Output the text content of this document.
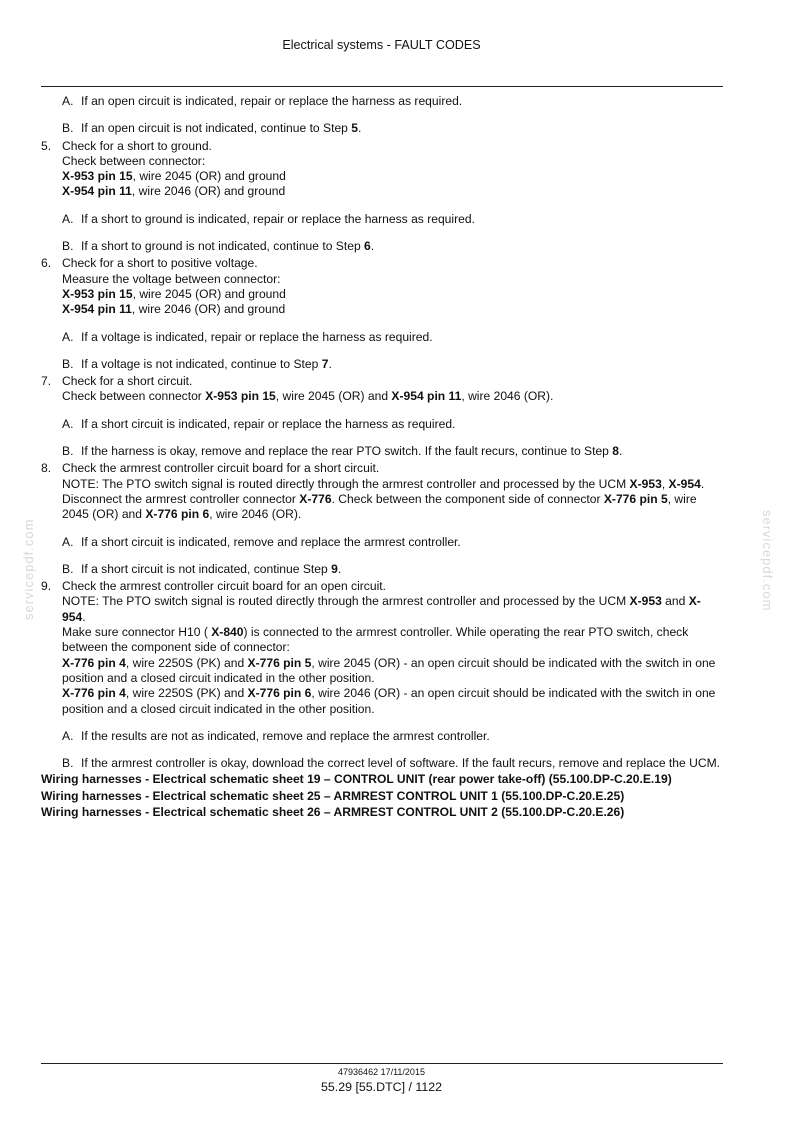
Electrical systems - FAULT CODES
servicepdf.com	servicepdf.com
A. If an open circuit is indicated, repair or replace the harness as required.

B. If an open circuit is not indicated, continue to Step 5.

5. Check for a short to ground.

Check between connector:

X-953 pin 15, wire 2045 (OR) and ground

X-954 pin 11, wire 2046 (OR) and ground

A. If a short to ground is indicated, repair or replace the harness as required.

B. If a short to ground is not indicated, continue to Step 6.

6. Check for a short to positive voltage.

Measure the voltage between connector:

X-953 pin 15, wire 2045 (OR) and ground

X-954 pin 11, wire 2046 (OR) and ground

A. If a voltage is indicated, repair or replace the harness as required.

B. If a voltage is not indicated, continue to Step 7.

7. Check for a short circuit.

Check between connector X-953 pin 15, wire 2045 (OR) and X-954 pin 11, wire 2046 (OR).

A. If a short circuit is indicated, repair or replace the harness as required.

B. If the harness is okay, remove and replace the rear PTO switch. If the fault recurs, continue to Step 8.

8. Check the armrest controller circuit board for a short circuit.

NOTE: The PTO switch signal is routed directly through the armrest controller and processed by the UCM X-953, X-954.

Disconnect the armrest controller connector X-776. Check between the component side of connector X-776 pin 5, wire 2045 (OR) and X-776 pin 6, wire 2046 (OR).

A. If a short circuit is indicated, remove and replace the armrest controller.

B. If a short circuit is not indicated, continue Step 9.

9. Check the armrest controller circuit board for an open circuit.

NOTE: The PTO switch signal is routed directly through the armrest controller and processed by the UCM X-953 and X-954.

Make sure connector H10 ( X-840) is connected to the armrest controller. While operating the rear PTO switch, check between the component side of connector:

X-776 pin 4, wire 2250S (PK) and X-776 pin 5, wire 2045 (OR) - an open circuit should be indicated with the switch in one position and a closed circuit indicated in the other position.

X-776 pin 4, wire 2250S (PK) and X-776 pin 6, wire 2046 (OR) - an open circuit should be indicated with the switch in one position and a closed circuit indicated in the other position.

A. If the results are not as indicated, remove and replace the armrest controller.

B. If the armrest controller is okay, download the correct level of software. If the fault recurs, remove and replace the UCM.

Wiring harnesses - Electrical schematic sheet 19 – CONTROL UNIT (rear power take-off) (55.100.DP-C.20.E.19)

Wiring harnesses - Electrical schematic sheet 25 – ARMREST CONTROL UNIT 1 (55.100.DP-C.20.E.25)

Wiring harnesses - Electrical schematic sheet 26 – ARMREST CONTROL UNIT 2 (55.100.DP-C.20.E.26)

47936462 17/11/2015
55.29 [55.DTC] / 1122
